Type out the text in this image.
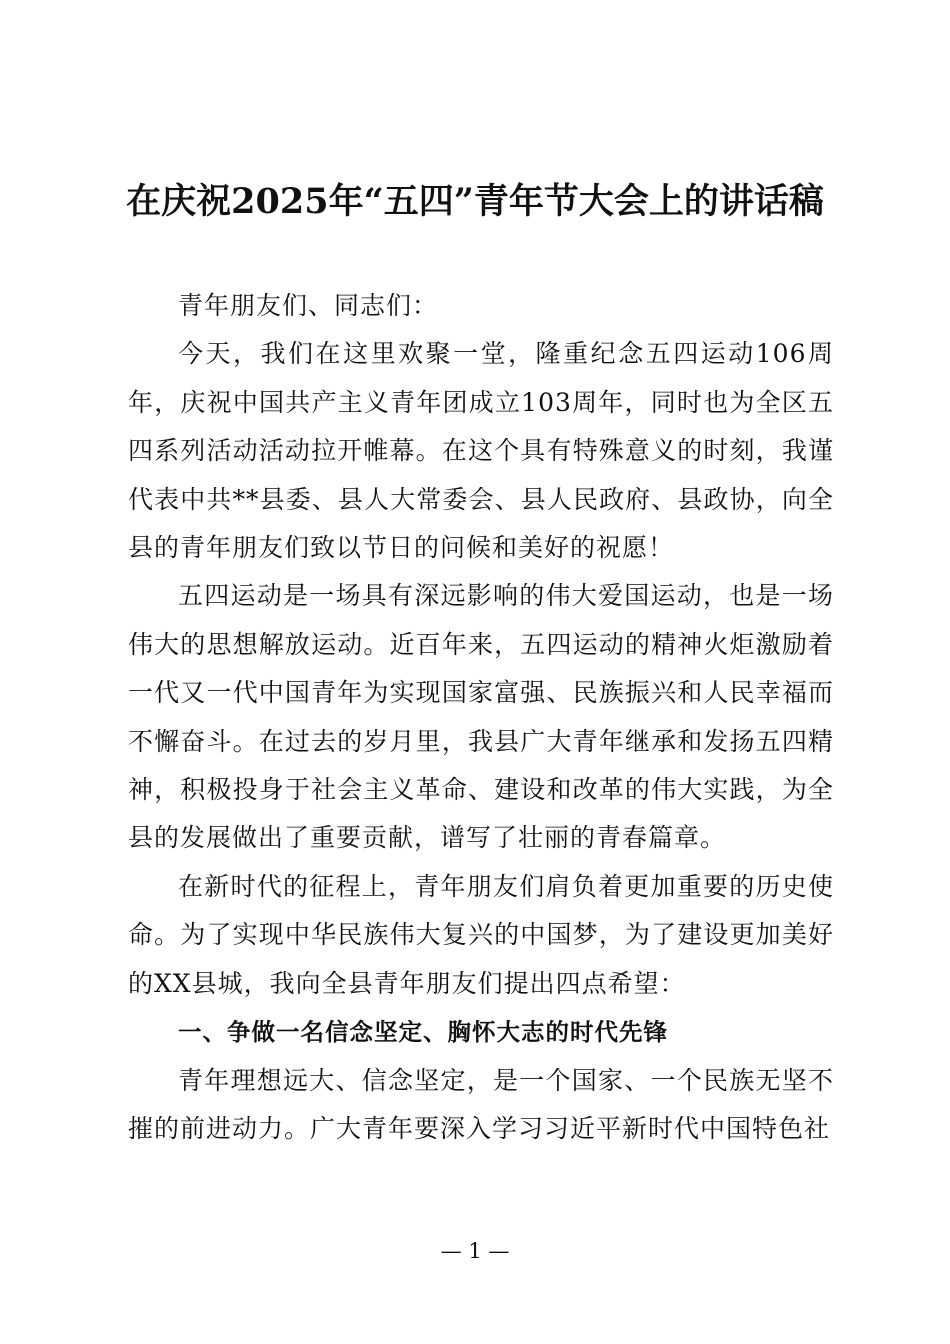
在庆祝2025年“五四”青年节大会上的讲话稿

青年朋友们、同志们：

今天，我们在这里欢聚一堂，隆重纪念五四运动106周年，庆祝中国共产主义青年团成立103周年，同时也为全区五四系列活动活动拉开帷幕。在这个具有特殊意义的时刻，我谨代表中共**县委、县人大常委会、县人民政府、县政协，向全县的青年朋友们致以节日的问候和美好的祝愿！

五四运动是一场具有深远影响的伟大爱国运动，也是一场伟大的思想解放运动。近百年来，五四运动的精神火炬激励着一代又一代中国青年为实现国家富强、民族振兴和人民幸福而不懈奋斗。在过去的岁月里，我县广大青年继承和发扬五四精神，积极投身于社会主义革命、建设和改革的伟大实践，为全县的发展做出了重要贡献，谱写了壮丽的青春篇章。

在新时代的征程上，青年朋友们肩负着更加重要的历史使命。为了实现中华民族伟大复兴的中国梦，为了建设更加美好的XX县城，我向全县青年朋友们提出四点希望：

一、争做一名信念坚定、胸怀大志的时代先锋

青年理想远大、信念坚定，是一个国家、一个民族无坚不摧的前进动力。广大青年要深入学习习近平新时代中国特色社

— 1 —
